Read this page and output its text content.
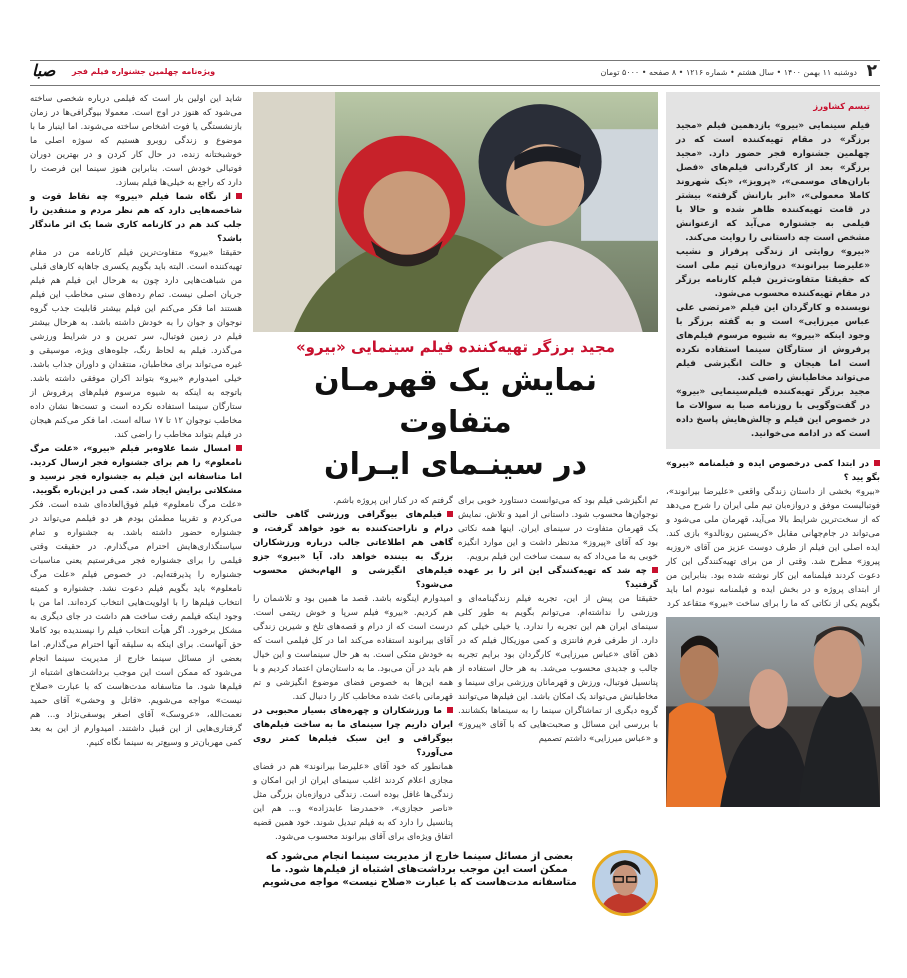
۲
دوشنبه ۱۱ بهمن ۱۴۰۰ • سال هشتم • شماره ۱۲۱۶ • ۸ صفحه • ۵۰۰۰ تومان
ویژه‌نامه چهلمین جشنواره فیلم فجر
صبا
تبسم کشاورز

فیلم سینمایی «بیرو» یازدهمین فیلم «مجید برزگر» در مقام تهیه‌کننده است که در چهلمین جشنواره فجر حضور دارد. «مجید برزگر» بعد از کارگردانی فیلم‌های «فصل باران‌های موسمی»، «پرویز»، «یک شهروند کاملا معمولی»، «ابر بارانش گرفته» بیشتر در قامت تهیه‌کننده ظاهر شده و حالا با فیلمی به جشنواره می‌آید که ازعنوانش مشخص است چه داستانی را روایت می‌کند.

«بیرو» روایتی از زندگی پرفراز و نشیب «علیرضا بیرانوند» دروازه‌بان تیم ملی است که حقیقتا متفاوت‌ترین فیلم کارنامه برزگر در مقام تهیه‌کننده محسوب می‌شود.

نویسنده و کارگردان این فیلم «مرتضی علی عباس میرزایی» است و به گفته برزگر با وجود اینکه «بیرو» به شیوه مرسوم فیلم‌های پرفروش از ستارگان سینما استفاده نکرده است اما هیجان و حالت انگیزشی فیلم می‌تواند مخاطبانش راضی کند.

مجید برزگر تهیه‌کننده فیلم‌سینمایی «بیرو» در گفت‌وگویی با روزنامه صبا به سوالات ما در خصوص این فیلم و چالش‌هایش پاسخ داده است که در ادامه می‌خوانید.

در ابتدا کمی درخصوص ایده و فیلمنامه «بیرو» بگو یید ؟

«بیرو» بخشی از داستان زندگی واقعی «علیرضا بیرانوند»، فوتبالیست موفق و دروازه‌بان تیم ملی ایران را شرح می‌دهد که از سخت‌ترین شرایط بالا می‌آید، قهرمان ملی می‌شود و می‌تواند در جام‌جهانی مقابل «کریستین رونالدو» بازی کند. ایده اصلی این فیلم از طرف دوست عزیز من آقای «روزبه پیروز» مطرح شد. وقتی از من برای تهیه‌کنندگی این کار دعوت کردند فیلمنامه این کار نوشته شده بود. بنابراین من از ابتدای پروژه و در بخش ایده و فیلمنامه نبودم اما باید بگویم یکی از نکاتی که ما را برای ساخت «بیرو» متقاعد کرد

مجید برزگر تهیه‌کننده فیلم سینمایی «بیرو»
نمایش یک قهرمـان متفاوت
در سینـمای ایـران

تم انگیزشی فیلم بود که می‌توانست دستاورد خوبی برای نوجوان‌ها محسوب شود. داستانی از امید و تلاش. نمایش یک قهرمان متفاوت در سینمای ایران. اینها همه نکاتی بود که آقای «پیروز» مدنظر داشت و این موارد انگیزه خوبی به ما می‌داد که به سمت ساخت این فیلم برویم.

چه شد که تهیه‌کنندگی این اثر را بر عهده گرفتید؟

حقیقتا من پیش از این، تجربه فیلم زندگینامه‌ای و ورزشی را نداشته‌ام. می‌توانم بگویم به طور کلی سینمای ایران هم این تجربه را ندارد. یا خیلی خیلی کم دارد. از طرفی فرم فانتزی و کمی موزیکال فیلم که در ذهن آقای «عباس میرزایی» کارگردان بود برایم تجربه جالب و جدیدی محسوب می‌شد. به هر حال استفاده از پتانسیل فوتبال، ورزش و قهرمانان ورزشی برای سینما و مخاطبانش می‌تواند یک امکان باشد. این فیلم‌ها می‌توانند گروه دیگری از تماشاگران سینما را به سینماها بکشانند. با بررسی این مسائل و صحبت‌هایی که با آقای «پیروز» و «عباس میرزایی» داشتم تصمیم

گرفتم که در کنار این پروژه باشم.

فیلم‌های بیوگرافی ورزشی گاهی حالتی درام و ناراحت‌کننده به خود خواهد گرفت، و گاهی هم اطلاعاتی جالب درباره ورزشکاران بزرگ به بیننده خواهد داد. آیا «بیرو» جزو فیلم‌های انگیزشی و الهام‌بخش محسوب می‌شود؟

امیدوارم اینگونه باشد. قصد ما همین بود و تلاشمان را هم کردیم. «بیرو» فیلم سرپا و خوش ریتمی است. درست است که از درام و قصه‌های تلخ و شیرین زندگی آقای بیرانوند استفاده می‌کند اما در کل فیلمی است که به خودش متکی است. به هر حال سینماست و این خیال هم باید در آن می‌بود. ما به داستان‌مان اعتماد کردیم و با همه این‌ها به خصوص فضای موضوع انگیزشی و تم قهرمانی باعث شده مخاطب کار را دنبال کند.

ما ورزشکاران و چهره‌های بسیار محبوبی در ایران داریم چرا سینمای ما به ساخت فیلم‌های بیوگرافی و این سبک فیلم‌ها کمتر روی می‌آورد؟

همانطور که خود آقای «علیرضا بیرانوند» هم در فضای مجازی اعلام کردند اغلب سینمای ایران از این امکان و زندگی‌ها غافل بوده است. زندگی دروازه‌بان بزرگی مثل «ناصر حجازی»، «حمدرضا عابدزاده» و... هم این پتانسیل را دارد که به فیلم تبدیل شوند. خود همین قضیه اتفاق ویژه‌ای برای آقای بیرانوند محسوب می‌شود.

بعضی از مسائل سینما خارج از مدیریت سینما انجام می‌شود که ممکن است این موجب برداشت‌های اشتباه از فیلم‌ها شود. ما متاسفانه مدت‌هاست که با عبارت «صلاح نیست» مواجه می‌شویم

شاید این اولین بار است که فیلمی درباره شخصی ساخته می‌شود که هنوز در اوج است. معمولا بیوگرافی‌ها در زمان بازنشستگی یا فوت اشخاص ساخته می‌شوند. اما اینبار ما با موضوع و زندگی روبرو هستیم که سوژه اصلی ما خوشبختانه زنده، در حال کار کردن و در بهترین دوران فوتبالی خودش است. بنابراین هنوز سینما این فرصت را دارد که راجع به خیلی‌ها فیلم بسازد.

از نگاه شما فیلم «بیرو» چه نقاط قوت و شاخصه‌هایی دارد که هم نظر مردم و منتقدین را جلب کند هم در کارنامه کاری شما یک اثر ماندگار باشد؟

حقیقتا «بیرو» متفاوت‌ترین فیلم کارنامه من در مقام تهیه‌کننده است. البته باید بگویم یکسری جاهایه کارهای قبلی من شباهت‌هایی دارد چون به هرحال این فیلم هم فیلم جریان اصلی نیست. تمام رده‌های سنی مخاطب این فیلم هستند اما فکر می‌کنم این فیلم بیشتر قابلیت جذب گروه نوجوان و جوان را به خودش داشته باشد. به هرحال بیشتر فیلم در زمین فوتبال، سر تمرین و در شرایط ورزشی می‌گذرد. فیلم به لحاظ رنگ، جلوه‌های ویژه، موسیقی و غیره می‌تواند برای مخاطبان، منتقدان و داوران جذاب باشد. خیلی امیدوارم «بیرو» بتواند اکران موفقی داشته باشد. باتوجه به اینکه به شیوه مرسوم فیلم‌های پرفروش از ستارگان سینما استفاده نکرده است و تست‌ها نشان داده مخاطب نوجوان ۱۲ تا ۱۷ ساله است. اما فکر می‌کنم هیجان در فیلم بتواند مخاطب را راضی کند.

امسال شما علاوه‌بر فیلم «بیرو»، «علت مرگ نامعلوم» را هم برای جشنواره فجر ارسال کردید. اما متاسفانه این فیلم به جشنواره فجر نرسید و مشکلاتی برایش ایجاد شد. کمی در این‌باره بگویید.

«علت مرگ نامعلوم» فیلم فوق‌العاده‌ای شده است. فکر می‌کردم و تقریبا مطمئن بودم هر دو فیلمم می‌تواند در جشنواره حضور داشته باشد. به جشنواره و تمام سیاستگذاری‌هایش احترام می‌گذارم. در حقیقت وقتی فیلمی را برای جشنواره فجر می‌فرستیم یعنی مناسبات جشنواره را پذیرفته‌ایم. در خصوص فیلم «علت مرگ نامعلوم» باید بگویم فیلم دعوت نشد. جشنواره و کمیته انتخاب فیلم‌ها را با اولویت‌هایی انتخاب کرده‌اند. اما من با وجود اینکه فیلمم رفت ساخت هم داشت در جای دیگری به مشکل برخورد. اگر هیأت انتخاب فیلم را نپسندیده بود کاملا حق آنهاست. برای اینکه به سلیقه آنها احترام می‌گذارم. اما بعضی از مسائل سینما خارج از مدیریت سینما انجام می‌شود که ممکن است این موجب برداشت‌های اشتباه از فیلم‌ها شود. ما متاسفانه مدت‌هاست که با عبارت «صلاح نیست» مواجه می‌شویم. «قاتل و وحشی» آقای حمید نعمت‌الله، «عروسک» آقای اصغر یوسفی‌نژاد و... هم گرفتاری‌هایی از این قبیل داشتند. امیدوارم از این به بعد کمی مهربان‌تر و وسیع‌تر به سینما نگاه کنیم.
